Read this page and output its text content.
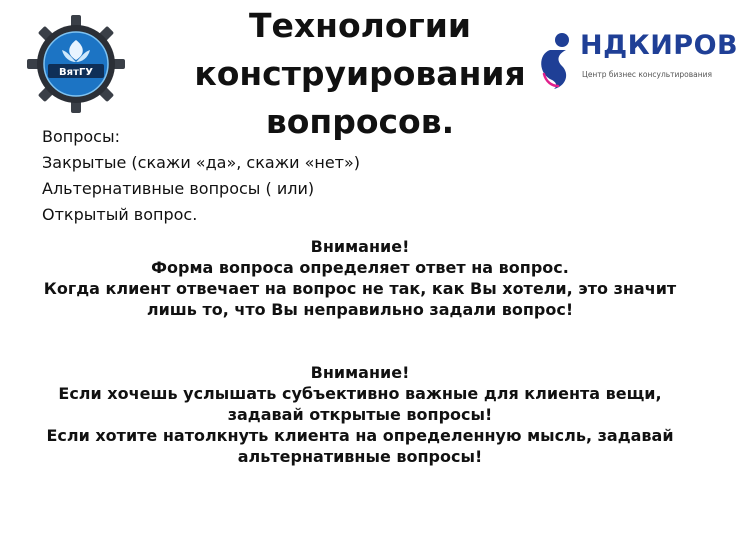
ВятГУ
Технологии
конструирования
вопросов.
НДКИРОВ
Центр бизнес консультирования
Вопросы:
Закрытые (скажи «да», скажи «нет»)
Альтернативные вопросы ( или)
Открытый вопрос.
Внимание!
Форма вопроса определяет ответ на вопрос.
Когда клиент отвечает на вопрос не так, как Вы хотели, это значит лишь то, что Вы неправильно задали вопрос!
Внимание!
Если хочешь услышать субъективно важные для клиента вещи, задавай открытые вопросы!
Если хотите натолкнуть клиента на определенную мысль, задавай альтернативные вопросы!
